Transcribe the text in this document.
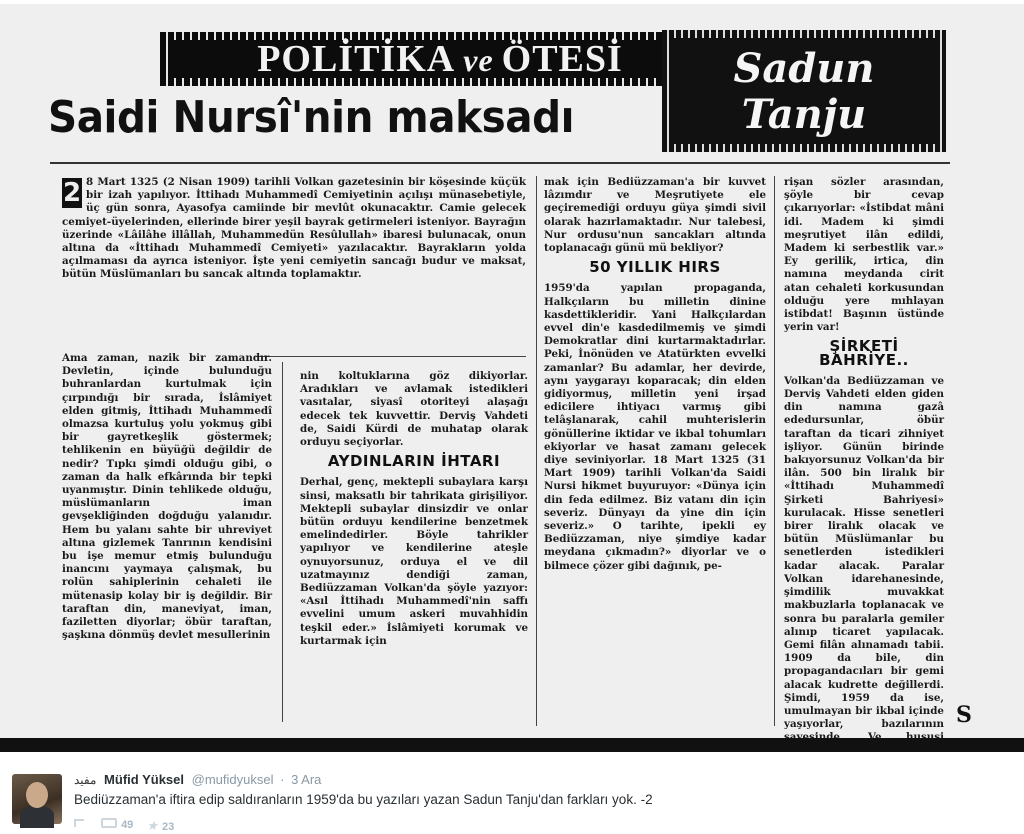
POLİTİKA ve ÖTESİ	Sadun
Tanju
Saidi Nursî'nin maksadı
2 8 Mart 1325 (2 Nisan 1909) tarihli Volkan gazetesinin bir köşesinde küçük bir izah yapılıyor. İttihadı Muhammedî Cemiyetinin açılışı münasebetiyle, üç gün sonra, Ayasofya camiinde bir mevlût okunacaktır. Camie gelecek cemiyet-üyelerinden, ellerinde birer yeşil bayrak getirmeleri isteniyor. Bayrağın üzerinde «Lâilâhe illâllah, Muhammedün Resûlullah» ibaresi bulunacak, onun altına da «İttihadı Muhammedî Cemiyeti» yazılacaktır. Bayrakların yolda açılmaması da ayrıca isteniyor. İşte yeni cemiyetin sancağı budur ve maksat, bütün Müslümanları bu sancak altında toplamaktır.
Ama zaman, nazik bir zamandır. Devletin, içinde bulunduğu buhranlardan kurtulmak için çırpındığı bir sırada, İslâmiyet elden gitmiş, İttihadı Muhammedî olmazsa kurtuluş yolu yokmuş gibi bir gayretkeşlik göstermek; tehlikenin en büyüğü değildir de nedir? Tıpkı şimdi olduğu gibi, o zaman da halk efkârında bir tepki uyanmıştır. Dinin tehlikede olduğu, müslümanların iman gevşekliğinden doğduğu yalanıdır. Hem bu yalanı sahte bir uhreviyet altına gizlemek Tanrının kendisini bu işe memur etmiş bulunduğu inancını yaymaya çalışmak, bu rolün sahiplerinin cehaleti ile mütenasip kolay bir iş değildir. Bir taraftan din, maneviyat, iman, faziletten diyorlar; öbür taraftan, şaşkına dönmüş devlet mesullerinin
nin koltuklarına göz dikiyorlar. Aradıkları ve avlamak istedikleri vasıtalar, siyasî otoriteyi alaşağı edecek tek kuvvettir. Derviş Vahdeti de, Saidi Kürdi de muhatap olarak orduyu seçiyorlar.
AYDINLARIN İHTARI
Derhal, genç, mektepli subaylara karşı sinsi, maksatlı bir tahrikata girişiliyor. Mektepli subaylar dinsizdir ve onlar bütün orduyu kendilerine benzetmek emelindedirler. Böyle tahrikler yapılıyor ve kendilerine ateşle oynuyorsunuz, orduya el ve dil uzatmayınız dendiği zaman, Bediüzzaman Volkan'da şöyle yazıyor: «Asıl İttihadı Muhammedî'nin saffı evvelini umum askeri muvahhidin teşkil eder.» İslâmiyeti korumak ve kurtarmak için
mak için Bediüzzaman'a bir kuvvet lâzımdır ve Meşrutiyete ele geçiremediği orduyu güya şimdi sivil olarak hazırlamaktadır. Nur talebesi, Nur ordusu'nun sancakları altında toplanacağı günü mü bekliyor?
50 YILLIK HIRS
1959'da yapılan propaganda, Halkçıların bu milletin dinine kasdettikleridir. Yani Halkçılardan evvel din'e kasdedilmemiş ve şimdi Demokratlar dini kurtarmaktadırlar. Peki, İnönüden ve Atatürkten evvelki zamanlar? Bu adamlar, her devirde, aynı yaygarayı koparacak; din elden gidiyormuş, milletin yeni irşad edicilere ihtiyacı varmış gibi telâşlanarak, cahil muhterislerin gönüllerine iktidar ve ikbal tohumları ekiyorlar ve hasat zamanı gelecek diye seviniyorlar. 18 Mart 1325 (31 Mart 1909) tarihli Volkan'da Saidi Nursi hikmet buyuruyor: «Dünya için din feda edilmez. Biz vatanı din için severiz. Dünyayı da yine din için severiz.» O tarihte, ipekli ey Bediüzzaman, niye şimdiye kadar meydana çıkmadın?» diyorlar ve o bilmece çözer gibi dağınık, pe-
rişan sözler arasından, şöyle bir cevap çıkarıyorlar: «İstibdat mâni idi. Madem ki şimdi meşrutiyet ilân edildi, Madem ki serbestlik var.» Ey gerilik, irtica, din namına meydanda cirit atan cehaleti korkusundan olduğu yere mıhlayan istibdat! Başının üstünde yerin var!
ŞİRKETİ BAHRİYE..
Volkan'da Bediüzzaman ve Derviş Vahdeti elden giden din namına gazâ ededursunlar, öbür taraftan da ticari zihniyet işliyor. Günün birinde bakıyorsunuz Volkan'da bir ilân. 500 bin liralık bir «İttihadı Muhammedî Şirketi Bahriyesi» kurulacak. Hisse senetleri birer liralık olacak ve bütün Müslümanlar bu senetlerden istedikleri kadar alacak. Paralar Volkan idarehanesinde, şimdilik muvakkat makbuzlarla toplanacak ve sonra bu paralarla gemiler alınıp ticaret yapılacak. Gemi filân alınamadı tabii. 1909 da bile, din propagandacıları bir gemi alacak kudrette değillerdi. Şimdi, 1959 da ise, umulmayan bir ikbal içinde yaşıyorlar, bazılarının S
مفيد Müfid Yüksel @mufidyuksel · 3 Ara
Bediüzzaman'a iftira edip saldıranların 1959'da bu yazıları yazan Sadun Tanju'dan farkları yok. -2
49 ★ 23
